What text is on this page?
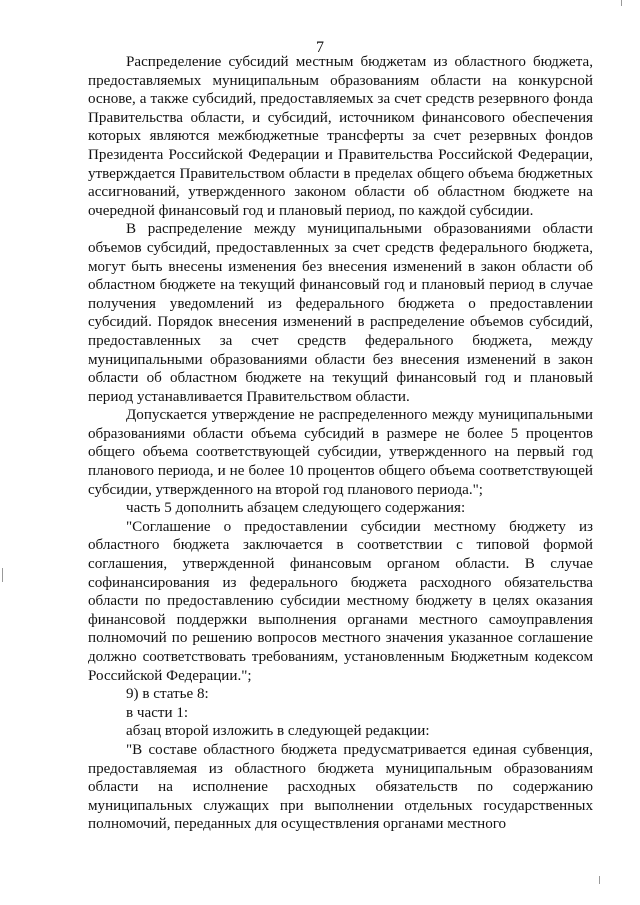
7

Распределение субсидий местным бюджетам из областного бюджета, предоставляемых муниципальным образованиям области на конкурсной основе, а также субсидий, предоставляемых за счет средств резервного фонда Правительства области, и субсидий, источником финансового обеспечения которых являются межбюджетные трансферты за счет резервных фондов Президента Российской Федерации и Правительства Российской Федерации, утверждается Правительством области в пределах общего объема бюджетных ассигнований, утвержденного законом области об областном бюджете на очередной финансовый год и плановый период, по каждой субсидии.

В распределение между муниципальными образованиями области объемов субсидий, предоставленных за счет средств федерального бюджета, могут быть внесены изменения без внесения изменений в закон области об областном бюджете на текущий финансовый год и плановый период в случае получения уведомлений из федерального бюджета о предоставлении субсидий. Порядок внесения изменений в распределение объемов субсидий, предоставленных за счет средств федерального бюджета, между муниципальными образованиями области без внесения изменений в закон области об областном бюджете на текущий финансовый год и плановый период устанавливается Правительством области.

Допускается утверждение не распределенного между муниципальными образованиями области объема субсидий в размере не более 5 процентов общего объема соответствующей субсидии, утвержденного на первый год планового периода, и не более 10 процентов общего объема соответствующей субсидии, утвержденного на второй год планового периода.";

часть 5 дополнить абзацем следующего содержания:

"Соглашение о предоставлении субсидии местному бюджету из областного бюджета заключается в соответствии с типовой формой соглашения, утвержденной финансовым органом области. В случае софинансирования из федерального бюджета расходного обязательства области по предоставлению субсидии местному бюджету в целях оказания финансовой поддержки выполнения органами местного самоуправления полномочий по решению вопросов местного значения указанное соглашение должно соответствовать требованиям, установленным Бюджетным кодексом Российской Федерации.";

9) в статье 8:

в части 1:

абзац второй изложить в следующей редакции:

"В составе областного бюджета предусматривается единая субвенция, предоставляемая из областного бюджета муниципальным образованиям области на исполнение расходных обязательств по содержанию муниципальных служащих при выполнении отдельных государственных полномочий, переданных для осуществления органами местного
